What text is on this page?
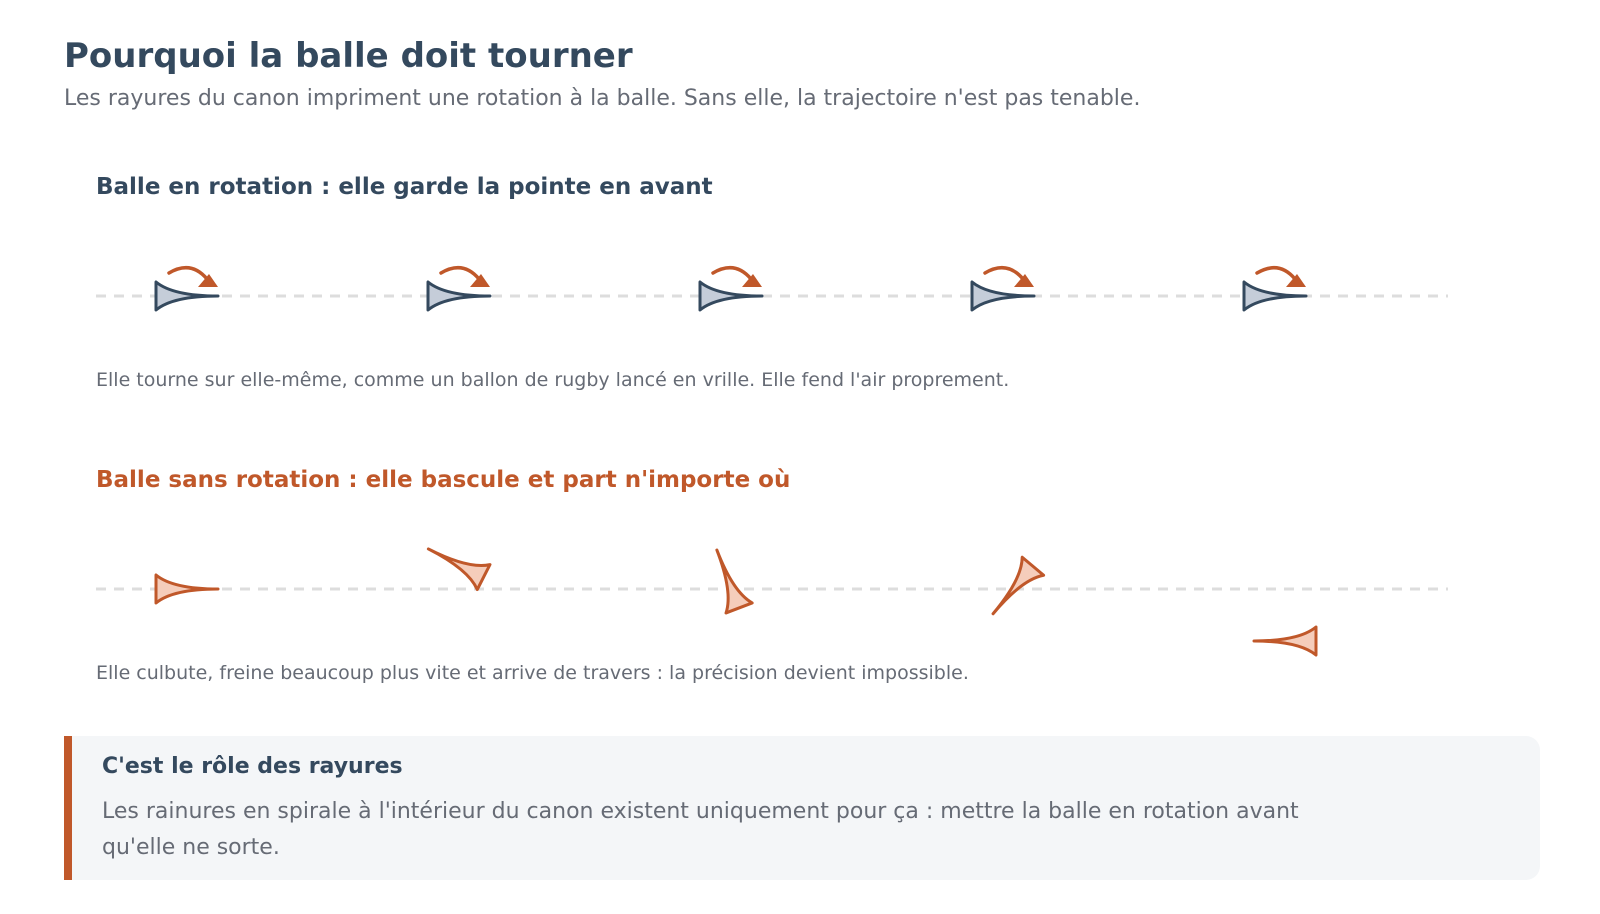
Pourquoi la balle doit tourner

Les rayures du canon impriment une rotation à la balle. Sans elle, la trajectoire n'est pas tenable.

Balle en rotation : elle garde la pointe en avant

Elle tourne sur elle-même, comme un ballon de rugby lancé en vrille. Elle fend l'air proprement.

Balle sans rotation : elle bascule et part n'importe où

Elle culbute, freine beaucoup plus vite et arrive de travers : la précision devient impossible.

C'est le rôle des rayures

Les rainures en spirale à l'intérieur du canon existent uniquement pour ça : mettre la balle en rotation avant qu'elle ne sorte.
